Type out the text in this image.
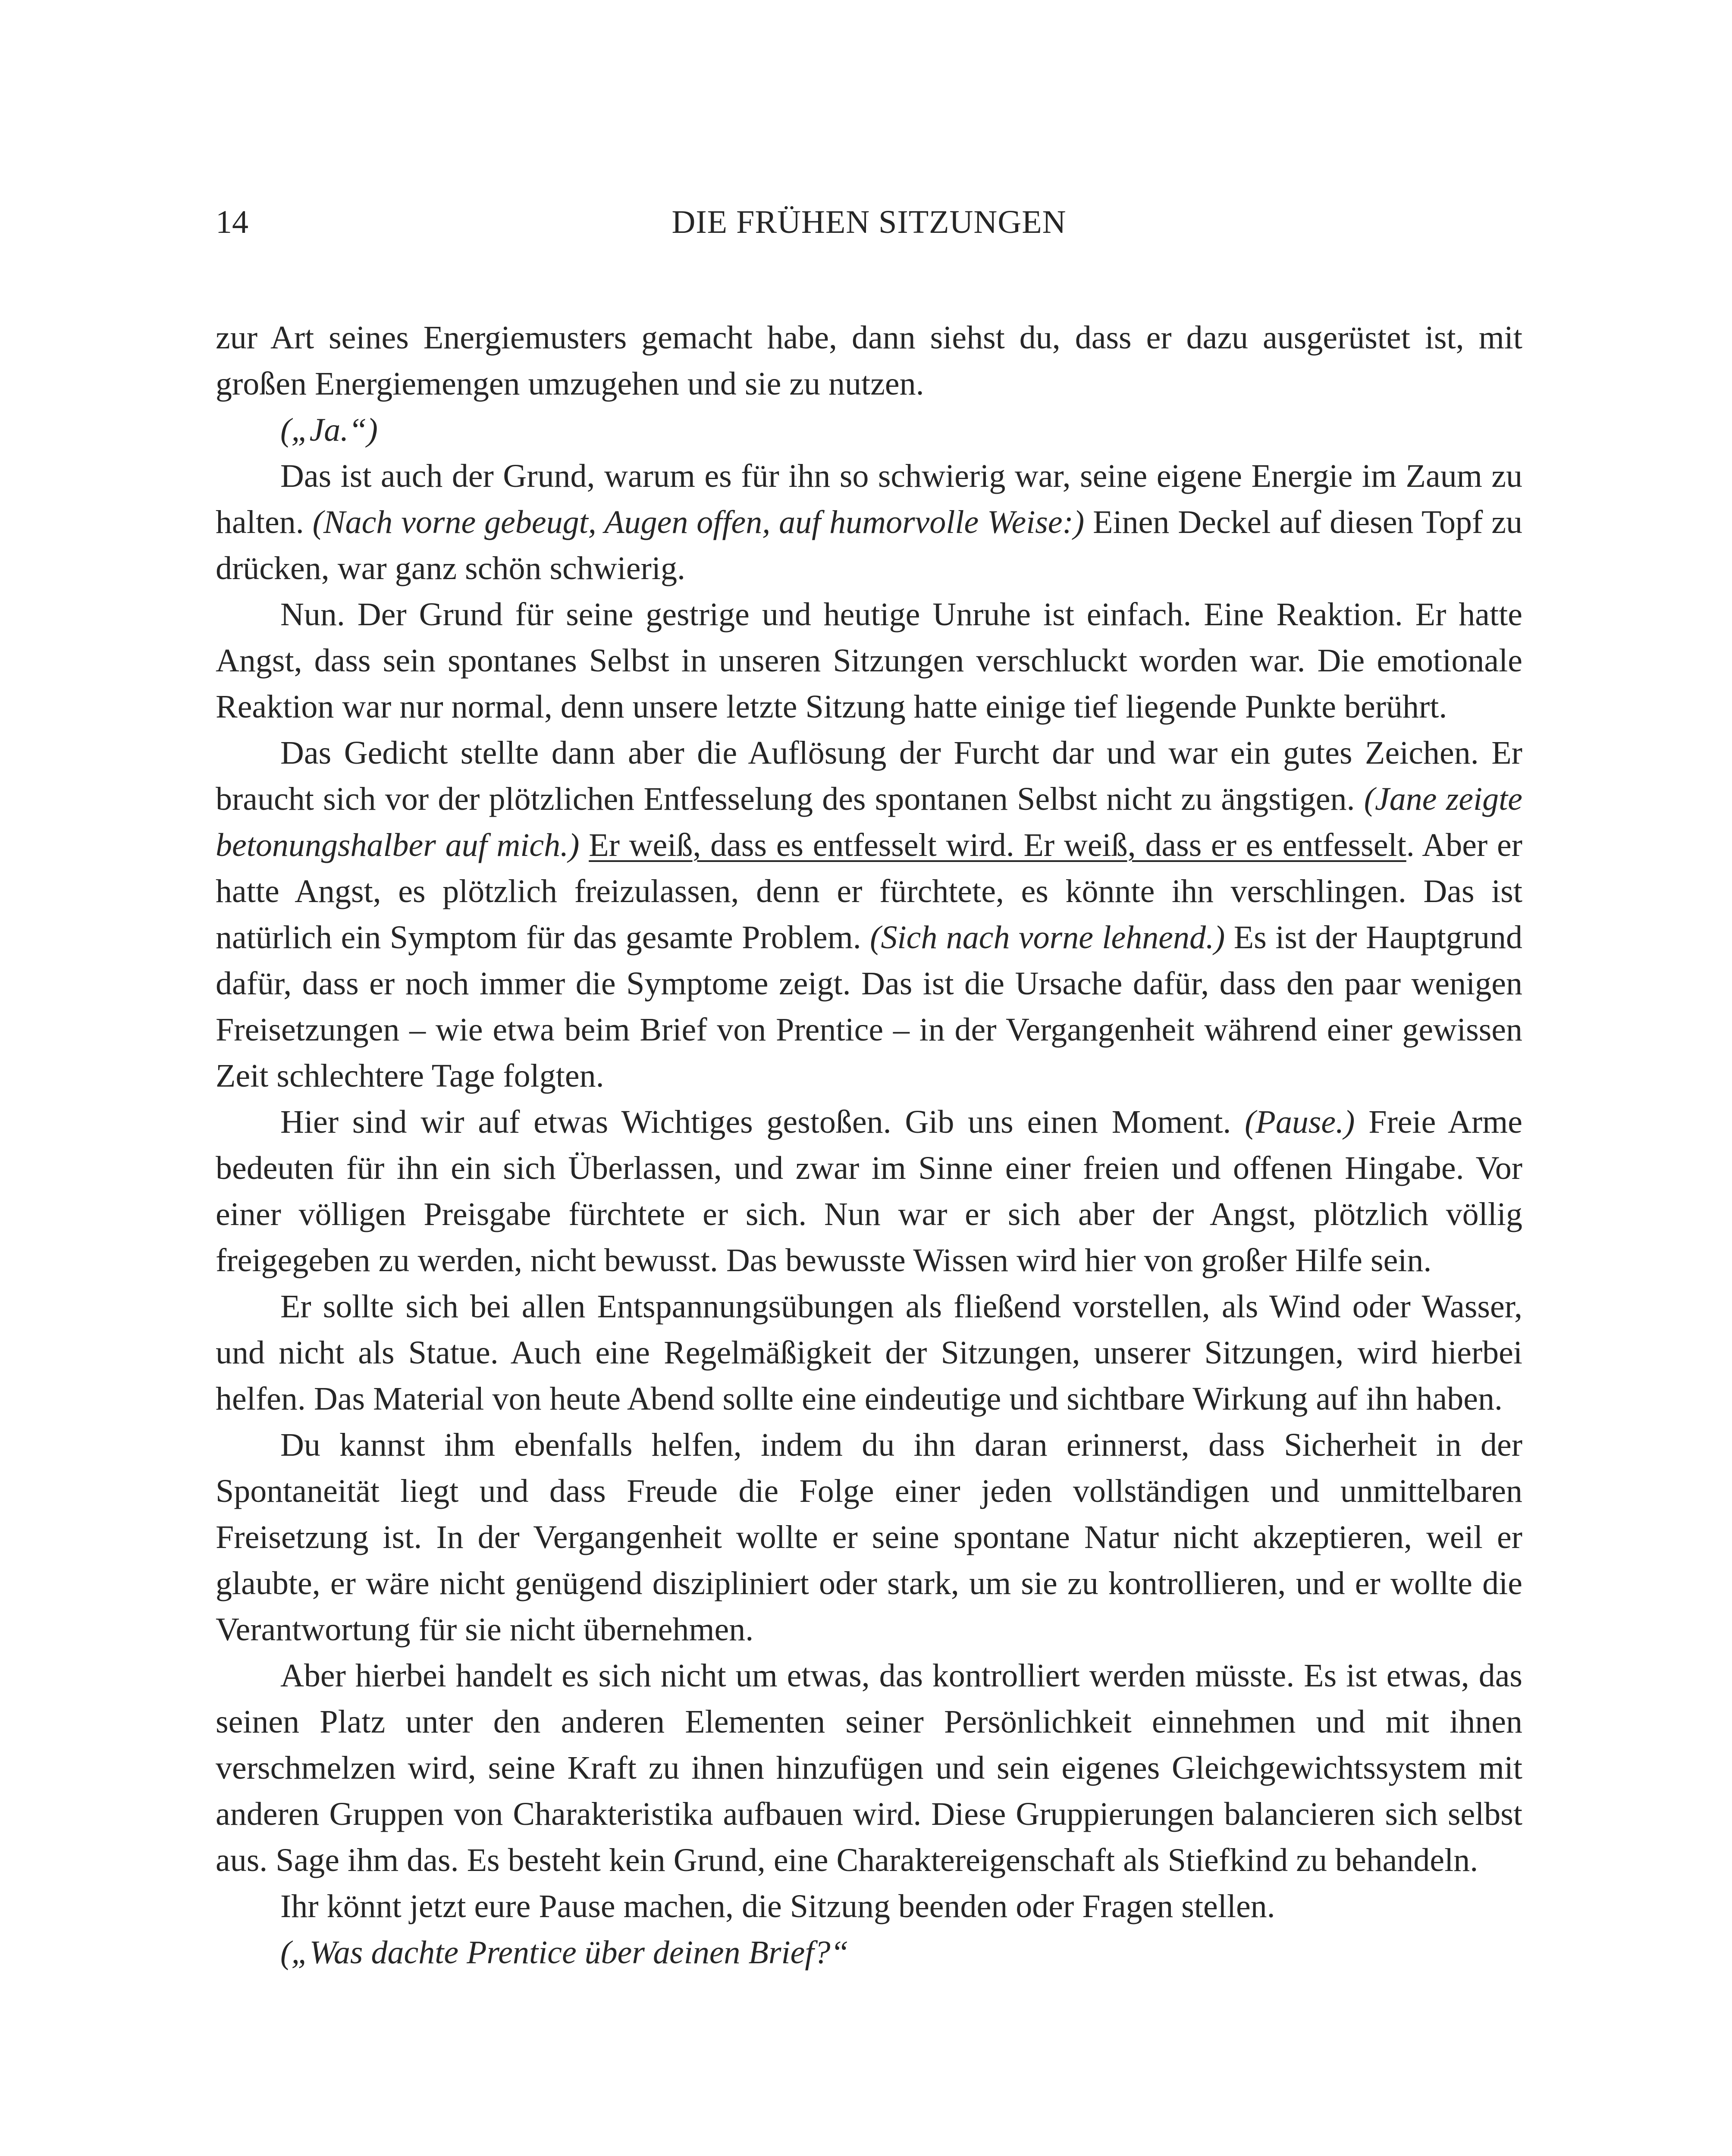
14	DIE FRÜHEN SITZUNGEN

zur Art seines Energiemusters gemacht habe, dann siehst du, dass er dazu ausgerüstet ist, mit großen Energiemengen umzugehen und sie zu nutzen.

(„Ja.“)

Das ist auch der Grund, warum es für ihn so schwierig war, seine eigene Energie im Zaum zu halten. (Nach vorne gebeugt, Augen offen, auf humorvolle Weise:) Einen Deckel auf diesen Topf zu drücken, war ganz schön schwierig.

Nun. Der Grund für seine gestrige und heutige Unruhe ist einfach. Eine Reaktion. Er hatte Angst, dass sein spontanes Selbst in unseren Sitzungen verschluckt worden war. Die emotionale Reaktion war nur normal, denn unsere letzte Sitzung hatte einige tief liegende Punkte berührt.

Das Gedicht stellte dann aber die Auflösung der Furcht dar und war ein gutes Zeichen. Er braucht sich vor der plötzlichen Entfesselung des spontanen Selbst nicht zu ängstigen. (Jane zeigte betonungshalber auf mich.) Er weiß, dass es entfesselt wird. Er weiß, dass er es entfesselt. Aber er hatte Angst, es plötzlich freizulassen, denn er fürchtete, es könnte ihn verschlingen. Das ist natürlich ein Symptom für das gesamte Problem. (Sich nach vorne lehnend.) Es ist der Hauptgrund dafür, dass er noch immer die Symptome zeigt. Das ist die Ursache dafür, dass den paar wenigen Freisetzungen – wie etwa beim Brief von Prentice – in der Vergangenheit während einer gewissen Zeit schlechtere Tage folgten.

Hier sind wir auf etwas Wichtiges gestoßen. Gib uns einen Moment. (Pause.) Freie Arme bedeuten für ihn ein sich Überlassen, und zwar im Sinne einer freien und offenen Hingabe. Vor einer völligen Preisgabe fürchtete er sich. Nun war er sich aber der Angst, plötzlich völlig freigegeben zu werden, nicht bewusst. Das bewusste Wissen wird hier von großer Hilfe sein.

Er sollte sich bei allen Entspannungsübungen als fließend vorstellen, als Wind oder Wasser, und nicht als Statue. Auch eine Regelmäßigkeit der Sitzungen, unserer Sitzungen, wird hierbei helfen. Das Material von heute Abend sollte eine eindeutige und sichtbare Wirkung auf ihn haben.

Du kannst ihm ebenfalls helfen, indem du ihn daran erinnerst, dass Sicherheit in der Spontaneität liegt und dass Freude die Folge einer jeden vollständigen und unmittelbaren Freisetzung ist. In der Vergangenheit wollte er seine spontane Natur nicht akzeptieren, weil er glaubte, er wäre nicht genügend diszipliniert oder stark, um sie zu kontrollieren, und er wollte die Verantwortung für sie nicht übernehmen.

Aber hierbei handelt es sich nicht um etwas, das kontrolliert werden müsste. Es ist etwas, das seinen Platz unter den anderen Elementen seiner Persönlichkeit einnehmen und mit ihnen verschmelzen wird, seine Kraft zu ihnen hinzufügen und sein eigenes Gleichgewichtssystem mit anderen Gruppen von Charakteristika aufbauen wird. Diese Gruppierungen balancieren sich selbst aus. Sage ihm das. Es besteht kein Grund, eine Charaktereigenschaft als Stiefkind zu behandeln.

Ihr könnt jetzt eure Pause machen, die Sitzung beenden oder Fragen stellen.

(„Was dachte Prentice über deinen Brief?“
